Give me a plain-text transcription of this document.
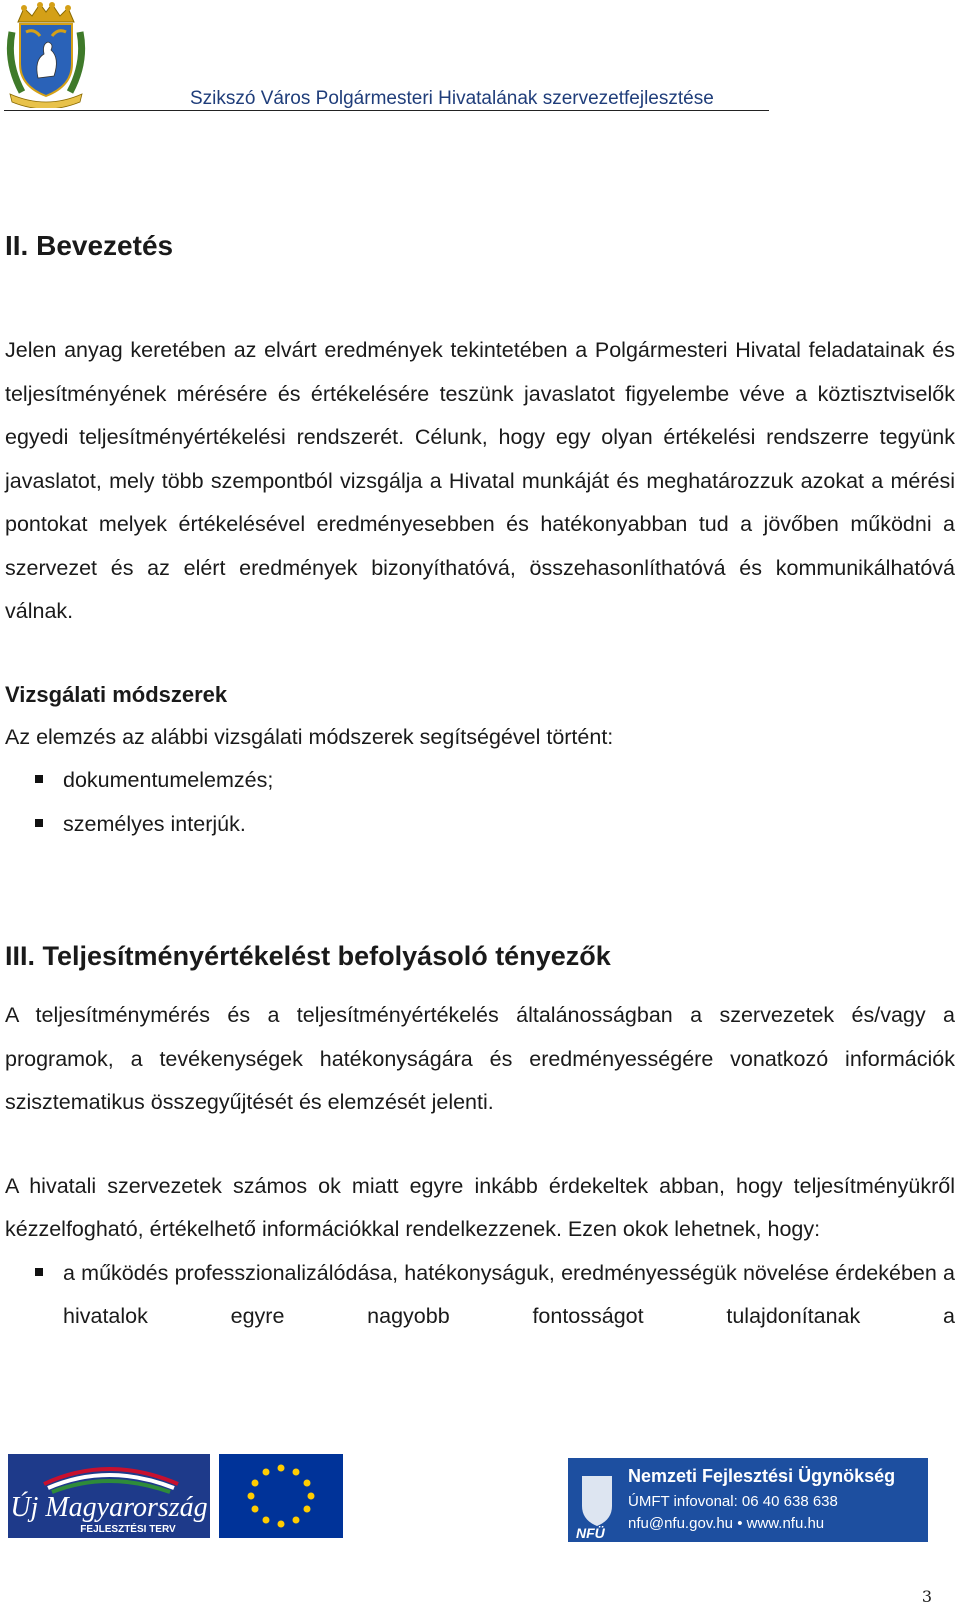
Szikszó Város Polgármesteri Hivatalának szervezetfejlesztése
II. Bevezetés

Jelen anyag keretében az elvárt eredmények tekintetében a Polgármesteri Hivatal feladatainak és teljesítményének mérésére és értékelésére teszünk javaslatot figyelembe véve a köztisztviselők egyedi teljesítményértékelési rendszerét. Célunk, hogy egy olyan értékelési rendszerre tegyünk javaslatot, mely több szempontból vizsgálja a Hivatal munkáját és meghatározzuk azokat a mérési pontokat melyek értékelésével eredményesebben és hatékonyabban tud a jövőben működni a szervezet és az elért eredmények bizonyíthatóvá, összehasonlíthatóvá és kommunikálhatóvá válnak.

Vizsgálati módszerek

Az elemzés az alábbi vizsgálati módszerek segítségével történt:

dokumentumelemzés;
személyes interjúk.
III. Teljesítményértékelést befolyásoló tényezők

A teljesítménymérés és a teljesítményértékelés általánosságban a szervezetek és/vagy a programok, a tevékenységek hatékonyságára és eredményességére vonatkozó információk szisztematikus összegyűjtését és elemzését jelenti.

A hivatali szervezetek számos ok miatt egyre inkább érdekeltek abban, hogy teljesítményükről kézzelfogható, értékelhető információkkal rendelkezzenek. Ezen okok lehetnek, hogy:

a működés professzionalizálódása, hatékonyságuk, eredményességük növelése érdekében a hivatalok egyre nagyobb fontosságot tulajdonítanak a
Új Magyarország
FEJLESZTÉSI TERV	NFÜ
Nemzeti Fejlesztési Ügynökség
ÚMFT infovonal: 06 40 638 638
nfu@nfu.gov.hu • www.nfu.hu
3
